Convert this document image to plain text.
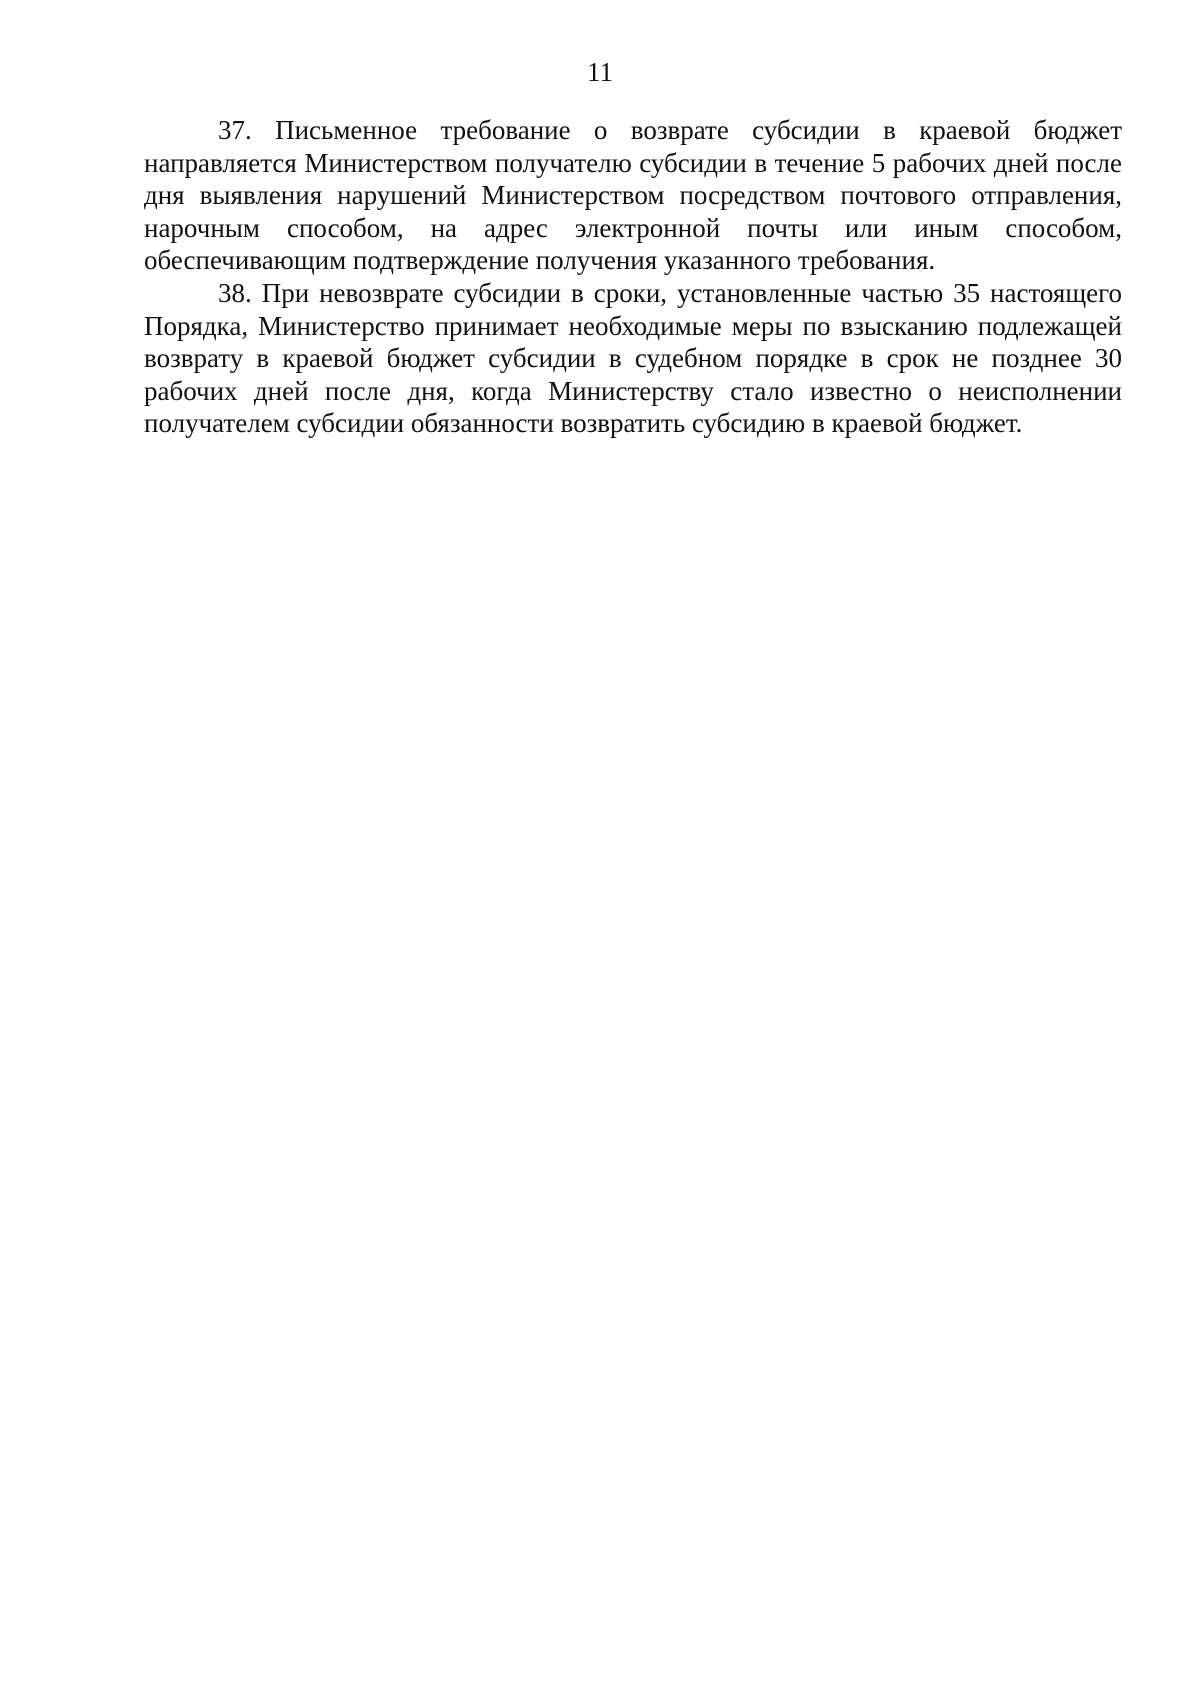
11

37. Письменное требование о возврате субсидии в краевой бюджет направляется Министерством получателю субсидии в течение 5 рабочих дней после дня выявления нарушений Министерством посредством почтового отправления, нарочным способом, на адрес электронной почты или иным способом, обеспечивающим подтверждение получения указанного требования.

38. При невозврате субсидии в сроки, установленные частью 35 настоящего Порядка, Министерство принимает необходимые меры по взысканию подлежащей возврату в краевой бюджет субсидии в судебном порядке в срок не позднее 30 рабочих дней после дня, когда Министерству стало известно о неисполнении получателем субсидии обязанности возвратить субсидию в краевой бюджет.
